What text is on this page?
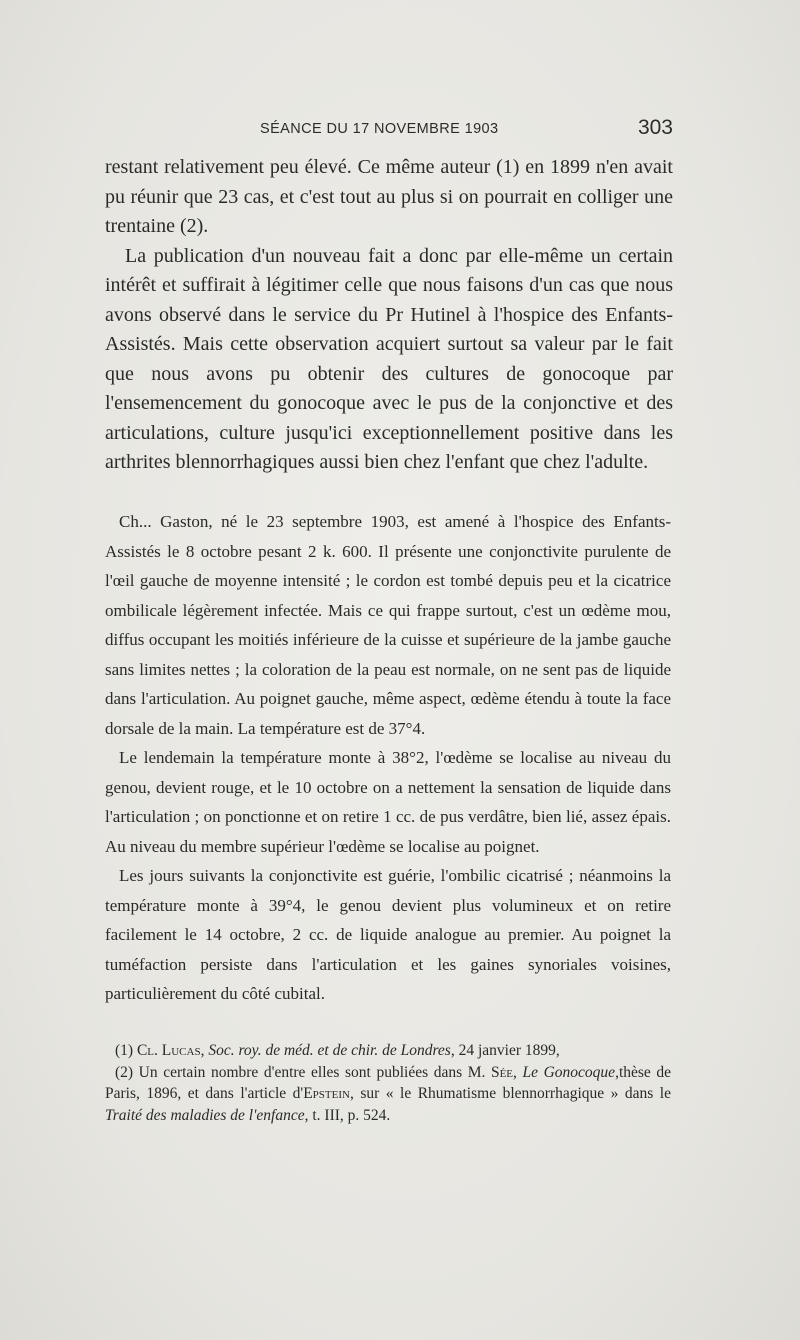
SÉANCE DU 17 NOVEMBRE 1903	303

restant relativement peu élevé. Ce même auteur (1) en 1899 n'en avait pu réunir que 23 cas, et c'est tout au plus si on pourrait en colliger une trentaine (2).

La publication d'un nouveau fait a donc par elle-même un certain intérêt et suffirait à légitimer celle que nous faisons d'un cas que nous avons observé dans le service du Pr Hutinel à l'hospice des Enfants-Assistés. Mais cette observation acquiert surtout sa valeur par le fait que nous avons pu obtenir des cultures de gonocoque par l'ensemencement du gonocoque avec le pus de la conjonctive et des articulations, culture jusqu'ici exceptionnellement positive dans les arthrites blennorrhagiques aussi bien chez l'enfant que chez l'adulte.

Ch... Gaston, né le 23 septembre 1903, est amené à l'hospice des Enfants-Assistés le 8 octobre pesant 2 k. 600. Il présente une conjonctivite purulente de l'œil gauche de moyenne intensité ; le cordon est tombé depuis peu et la cicatrice ombilicale légèrement infectée. Mais ce qui frappe surtout, c'est un œdème mou, diffus occupant les moitiés inférieure de la cuisse et supérieure de la jambe gauche sans limites nettes ; la coloration de la peau est normale, on ne sent pas de liquide dans l'articulation. Au poignet gauche, même aspect, œdème étendu à toute la face dorsale de la main. La température est de 37°4.

Le lendemain la température monte à 38°2, l'œdème se localise au niveau du genou, devient rouge, et le 10 octobre on a nettement la sensation de liquide dans l'articulation ; on ponctionne et on retire 1 cc. de pus verdâtre, bien lié, assez épais. Au niveau du membre supérieur l'œdème se localise au poignet.

Les jours suivants la conjonctivite est guérie, l'ombilic cicatrisé ; néanmoins la température monte à 39°4, le genou devient plus volumineux et on retire facilement le 14 octobre, 2 cc. de liquide analogue au premier. Au poignet la tuméfaction persiste dans l'articulation et les gaines synoriales voisines, particulièrement du côté cubital.

(1) Cl. Lucas, Soc. roy. de méd. et de chir. de Londres, 24 janvier 1899,

(2) Un certain nombre d'entre elles sont publiées dans M. Sée, Le Gonocoque,thèse de Paris, 1896, et dans l'article d'Epstein, sur « le Rhumatisme blennorrhagique » dans le Traité des maladies de l'enfance, t. III, p. 524.
